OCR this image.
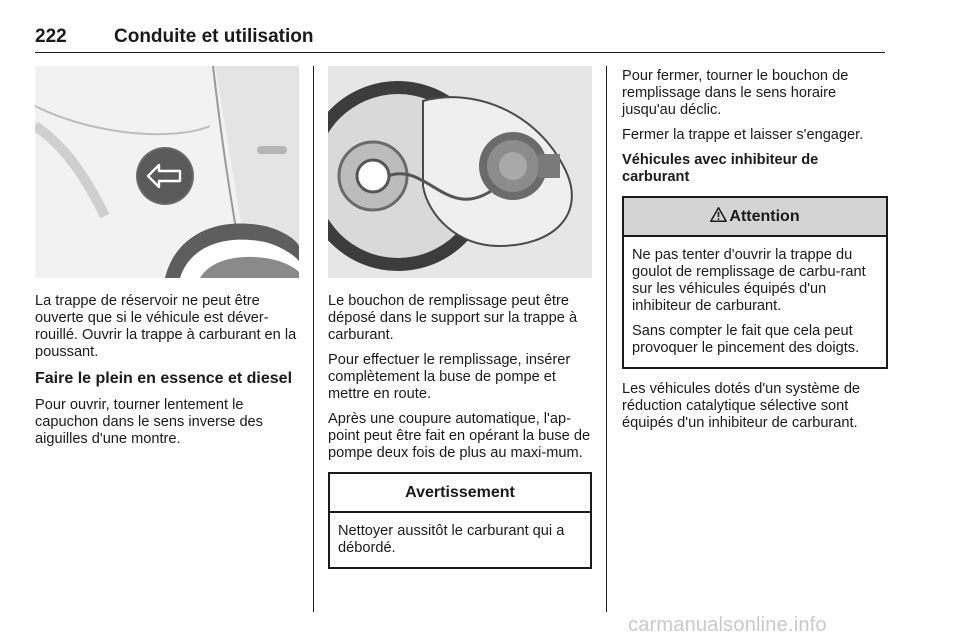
222 Conduite et utilisation

La trappe de réservoir ne peut être ouverte que si le véhicule est déver-rouillé. Ouvrir la trappe à carburant en la poussant.

Faire le plein en essence et diesel

Pour ouvrir, tourner lentement le capuchon dans le sens inverse des aiguilles d'une montre.

Le bouchon de remplissage peut être déposé dans le support sur la trappe à carburant.

Pour effectuer le remplissage, insérer complètement la buse de pompe et mettre en route.

Après une coupure automatique, l'ap-point peut être fait en opérant la buse de pompe deux fois de plus au maxi-mum.

Avertissement

Nettoyer aussitôt le carburant qui a débordé.

Pour fermer, tourner le bouchon de remplissage dans le sens horaire jusqu'au déclic.

Fermer la trappe et laisser s'engager.

Véhicules avec inhibiteur de carburant
Attention

Ne pas tenter d'ouvrir la trappe du goulot de remplissage de carbu-rant sur les véhicules équipés d'un inhibiteur de carburant.

Sans compter le fait que cela peut provoquer le pincement des doigts.

Les véhicules dotés d'un système de réduction catalytique sélective sont équipés d'un inhibiteur de carburant.

carmanualsonline.info
